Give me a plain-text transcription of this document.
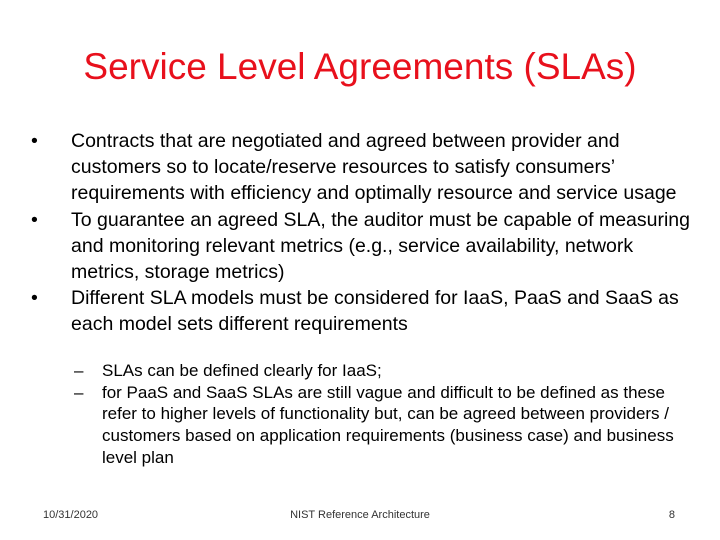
Service Level Agreements (SLAs)
•	Contracts that are negotiated and agreed between provider and customers so to locate/reserve resources to satisfy consumers’ requirements with efficiency and optimally resource and service usage
•	To guarantee an agreed SLA, the auditor must be capable of measuring and monitoring relevant metrics (e.g., service availability, network metrics, storage metrics)
•	Different SLA models must be considered for IaaS, PaaS and SaaS as each model sets different requirements
–	SLAs can be defined clearly for IaaS;
–	for PaaS and SaaS SLAs are still vague and difficult to be defined as these refer to higher levels of functionality but, can be agreed between providers / customers based on application requirements (business case) and business level plan
10/31/2020	NIST Reference Architecture	8
